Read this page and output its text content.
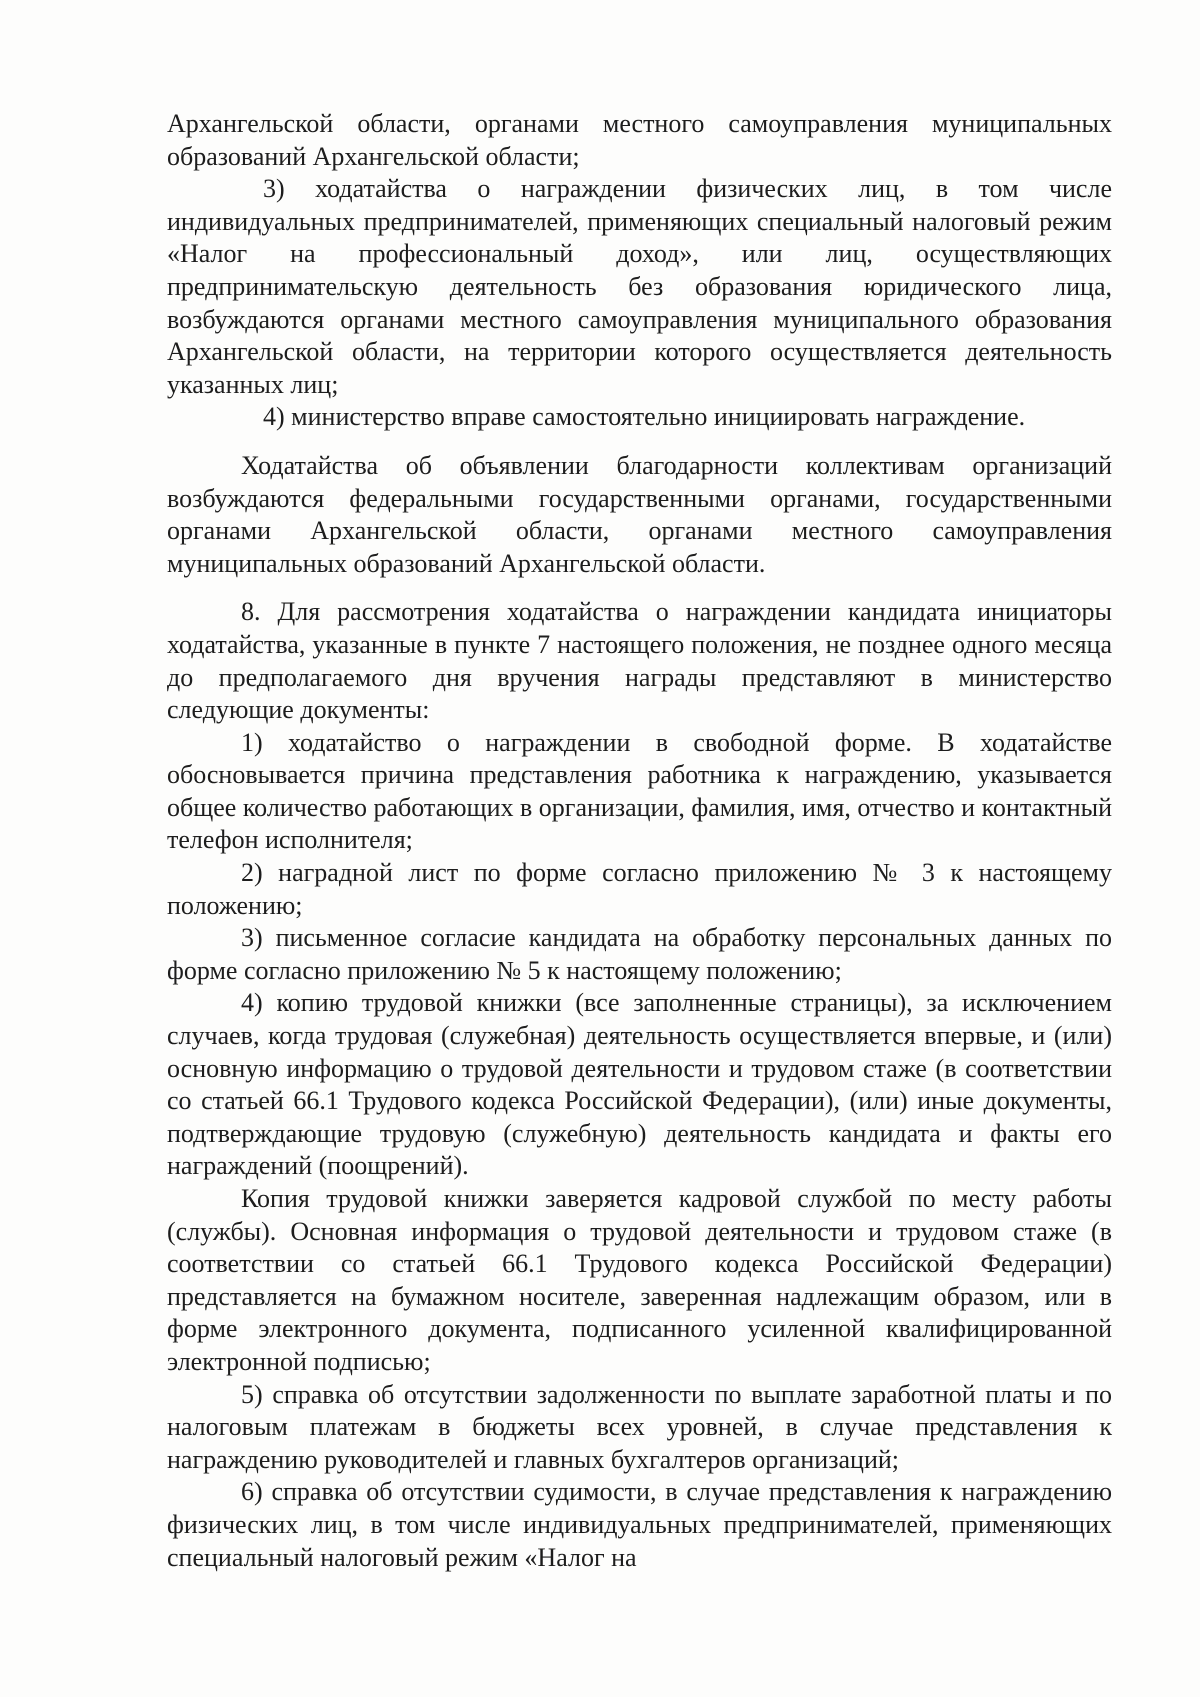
Архангельской области, органами местного самоуправления муниципальных образований Архангельской области;

3) ходатайства о награждении физических лиц, в том числе индивидуальных предпринимателей, применяющих специальный налоговый режим «Налог на профессиональный доход», или лиц, осуществляющих предпринимательскую деятельность без образования юридического лица, возбуждаются органами местного самоуправления муниципального образования Архангельской области, на территории которого осуществляется деятельность указанных лиц;

4) министерство вправе самостоятельно инициировать награждение.

Ходатайства об объявлении благодарности коллективам организаций возбуждаются федеральными государственными органами, государственными органами Архангельской области, органами местного самоуправления муниципальных образований Архангельской области.

8. Для рассмотрения ходатайства о награждении кандидата инициаторы ходатайства, указанные в пункте 7 настоящего положения, не позднее одного месяца до предполагаемого дня вручения награды представляют в министерство следующие документы:

1) ходатайство о награждении в свободной форме. В ходатайстве обосновывается причина представления работника к награждению, указывается общее количество работающих в организации, фамилия, имя, отчество и контактный телефон исполнителя;

2) наградной лист по форме согласно приложению № 3 к настоящему положению;

3) письменное согласие кандидата на обработку персональных данных по форме согласно приложению № 5 к настоящему положению;

4) копию трудовой книжки (все заполненные страницы), за исключением случаев, когда трудовая (служебная) деятельность осуществляется впервые, и (или) основную информацию о трудовой деятельности и трудовом стаже (в соответствии со статьей 66.1 Трудового кодекса Российской Федерации), (или) иные документы, подтверждающие трудовую (служебную) деятельность кандидата и факты его награждений (поощрений).

Копия трудовой книжки заверяется кадровой службой по месту работы (службы). Основная информация о трудовой деятельности и трудовом стаже (в соответствии со статьей 66.1 Трудового кодекса Российской Федерации) представляется на бумажном носителе, заверенная надлежащим образом, или в форме электронного документа, подписанного усиленной квалифицированной электронной подписью;

5) справка об отсутствии задолженности по выплате заработной платы и по налоговым платежам в бюджеты всех уровней, в случае представления к награждению руководителей и главных бухгалтеров организаций;

6) справка об отсутствии судимости, в случае представления к награждению физических лиц, в том числе индивидуальных предпринимателей, применяющих специальный налоговый режим «Налог на
